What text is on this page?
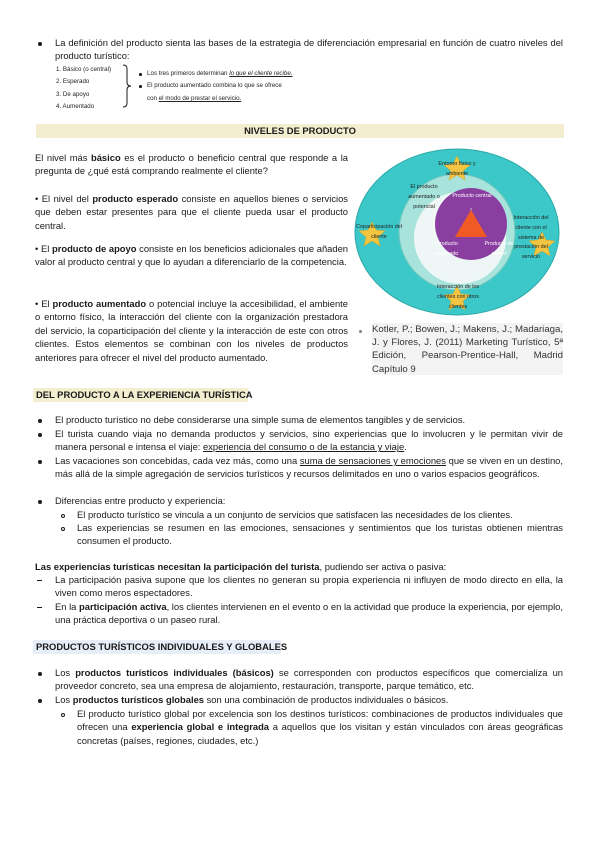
La definición del producto sienta las bases de la estrategia de diferenciación empresarial en función de cuatro niveles del producto turístico:
1. Básico (o central)
2. Esperado
3. De apoyo
4. Aumentado
Los tres primeros determinan lo que el cliente recibe.
El producto aumentado combina lo que se ofrece
con el modo de prestar el servicio.
NIVELES DE PRODUCTO
El nivel más básico es el producto o beneficio central que responde a la pregunta de ¿qué está comprando realmente el cliente?
• El nivel del producto esperado consiste en aquellos bienes o servicios que deben estar presentes para que el cliente pueda usar el producto central.
• El producto de apoyo consiste en los beneficios adicionales que añaden valor al producto central y que lo ayudan a diferenciarlo de la competencia.
• El producto aumentado o potencial incluye la accesibilidad, el ambiente o entorno físico, la interacción del cliente con la organización prestadora del servicio, la coparticipación del cliente y la interacción de este con otros clientes. Estos elementos se combinan con los niveles de productos anteriores para ofrecer el nivel del producto aumentado.
Entorno físico y ambiente
Interacción del cliente con el sistema de prestación del servicio
Interacción de los clientes con otros clientes
Coparticipación del cliente
El producto aumentado o potencial
Producto central
Producto esperado
Producto de apoyo
Kotler, P.; Bowen, J.; Makens, J.; Madariaga, J. y Flores, J. (2011) Marketing Turístico, 5ª Edición, Pearson-Prentice-Hall, Madrid Capítulo 9
DEL PRODUCTO A LA EXPERIENCIA TURÍSTICA
El producto turístico no debe considerarse una simple suma de elementos tangibles y de servicios.
El turista cuando viaja no demanda productos y servicios, sino experiencias que lo involucren y le permitan vivir de manera personal e intensa el viaje: experiencia del consumo o de la estancia y viaje.
Las vacaciones son concebidas, cada vez más, como una suma de sensaciones y emociones que se viven en un destino, más allá de la simple agregación de servicios turísticos y recursos delimitados en uno o varios espacios geográficos.
Diferencias entre producto y experiencia:
El producto turístico se vincula a un conjunto de servicios que satisfacen las necesidades de los clientes.
Las experiencias se resumen en las emociones, sensaciones y sentimientos que los turistas obtienen mientras consumen el producto.
Las experiencias turísticas necesitan la participación del turista, pudiendo ser activa o pasiva:
La participación pasiva supone que los clientes no generan su propia experiencia ni influyen de modo directo en ella, la viven como meros espectadores.
En la participación activa, los clientes intervienen en el evento o en la actividad que produce la experiencia, por ejemplo, una práctica deportiva o un paseo rural.
PRODUCTOS TURÍSTICOS INDIVIDUALES Y GLOBALES
Los productos turísticos individuales (básicos) se corresponden con productos específicos que comercializa un proveedor concreto, sea una empresa de alojamiento, restauración, transporte, parque temático, etc.
Los productos turísticos globales son una combinación de productos individuales o básicos.
El producto turístico global por excelencia son los destinos turísticos: combinaciones de productos individuales que ofrecen una experiencia global e integrada a aquellos que los visitan y están vinculados con áreas geográficas concretas (países, regiones, ciudades, etc.)
